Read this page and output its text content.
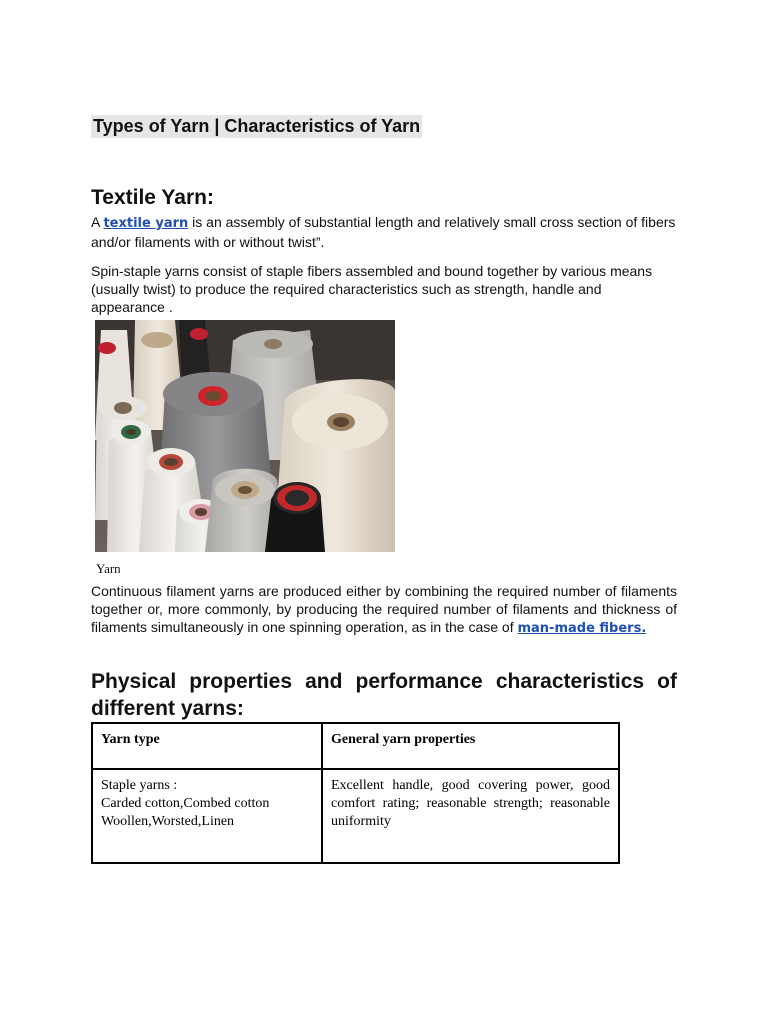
Types of Yarn | Characteristics of Yarn
Textile Yarn:

A textile yarn is an assembly of substantial length and relatively small cross section of fibers and/or filaments with or without twist”.

Spin-staple yarns consist of staple fibers assembled and bound together by various means (usually twist) to produce the required characteristics such as strength, handle and appearance .

Yarn

Continuous filament yarns are produced either by combining the required number of filaments together or, more commonly, by producing the required number of filaments and thickness of filaments simultaneously in one spinning operation, as in the case of man-made fibers.

Physical properties and performance characteristics of different yarns:
Yarn type	General yarn properties

Staple yarns :
Carded cotton,Combed cotton
Woollen,Worsted,Linen	Excellent handle, good covering power, good comfort rating; reasonable strength; reasonable uniformity
